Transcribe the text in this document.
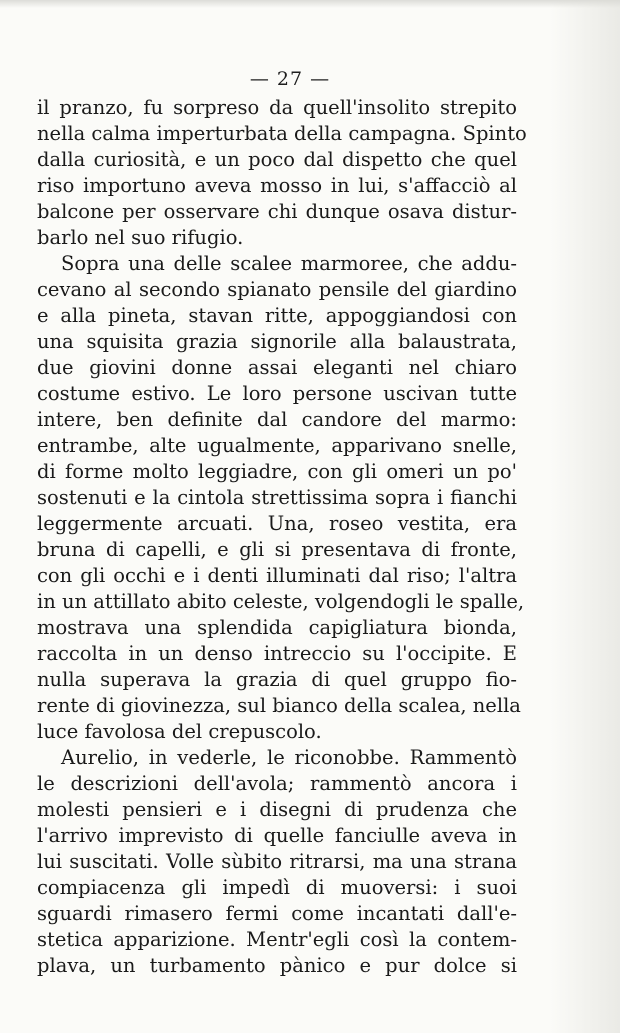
— 27 —
il pranzo, fu sorpreso da quell'insolito strepito
nella calma imperturbata della campagna. Spinto
dalla curiosità, e un poco dal dispetto che quel
riso importuno aveva mosso in lui, s'affacciò al
balcone per osservare chi dunque osava distur-
barlo nel suo rifugio.
Sopra una delle scalee marmoree, che addu-
cevano al secondo spianato pensile del giardino
e alla pineta, stavan ritte, appoggiandosi con
una squisita grazia signorile alla balaustrata,
due giovini donne assai eleganti nel chiaro
costume estivo. Le loro persone uscivan tutte
intere, ben definite dal candore del marmo:
entrambe, alte ugualmente, apparivano snelle,
di forme molto leggiadre, con gli omeri un po'
sostenuti e la cintola strettissima sopra i fianchi
leggermente arcuati. Una, roseo vestita, era
bruna di capelli, e gli si presentava di fronte,
con gli occhi e i denti illuminati dal riso; l'altra
in un attillato abito celeste, volgendogli le spalle,
mostrava una splendida capigliatura bionda,
raccolta in un denso intreccio su l'occipite. E
nulla superava la grazia di quel gruppo fio-
rente di giovinezza, sul bianco della scalea, nella
luce favolosa del crepuscolo.
Aurelio, in vederle, le riconobbe. Rammentò
le descrizioni dell'avola; rammentò ancora i
molesti pensieri e i disegni di prudenza che
l'arrivo imprevisto di quelle fanciulle aveva in
lui suscitati. Volle sùbito ritrarsi, ma una strana
compiacenza gli impedì di muoversi: i suoi
sguardi rimasero fermi come incantati dall'e-
stetica apparizione. Mentr'egli così la contem-
plava, un turbamento pànico e pur dolce si
